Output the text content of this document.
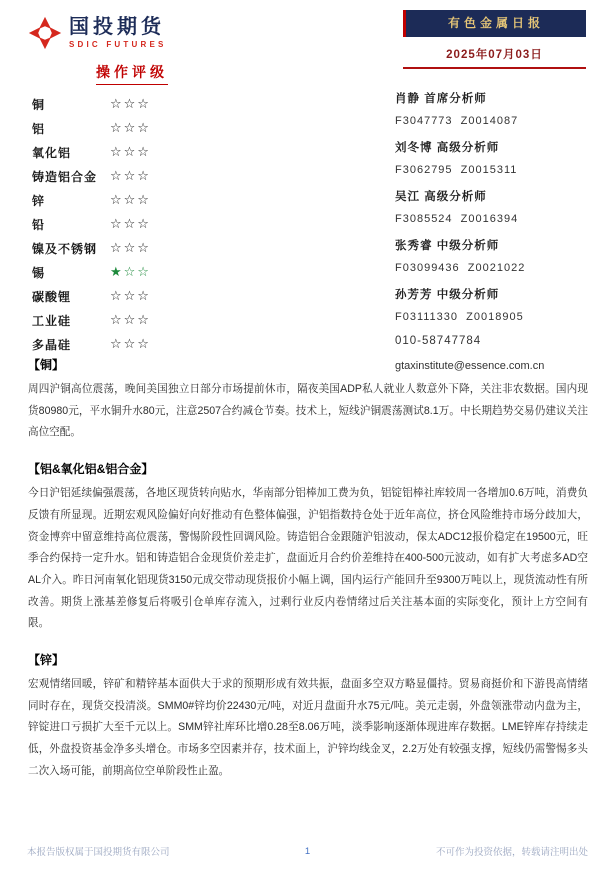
国投期货
SDIC FUTURES
有色金属日报
2025年07月03日
操作评级
铜	☆☆☆
铝	☆☆☆
氧化铝	☆☆☆
铸造铝合金 ☆☆☆
锌	☆☆☆
铅	☆☆☆
镍及不锈钢 ☆☆☆
锡	★☆☆
碳酸锂	☆☆☆
工业硅	☆☆☆
多晶硅	☆☆☆
肖静 首席分析师
F3047773  Z0014087
刘冬博 高级分析师
F3062795  Z0015311
吴江 高级分析师
F3085524  Z0016394
张秀睿 中级分析师
F03099436  Z0021022
孙芳芳 中级分析师
F03111330  Z0018905
010-58747784
gtaxinstitute@essence.com.cn
【铜】

周四沪铜高位震荡，晚间美国独立日部分市场提前休市，隔夜美国ADP私人就业人数意外下降，关注非农数据。国内现货80980元，平水铜升水80元，注意2507合约减仓节奏。技术上，短线沪铜震荡测试8.1万。中长期趋势交易仍建议关注高位空配。

【铝&氧化铝&铝合金】

今日沪铝延续偏强震荡，各地区现货转向贴水，华南部分铝棒加工费为负，铝锭铝棒社库较周一各增加0.6万吨，消费负反馈有所显现。近期宏观风险偏好向好推动有色整体偏强，沪铝指数持仓处于近年高位，挤仓风险维持市场分歧加大，资金博弈中留意维持高位震荡，警惕阶段性回调风险。铸造铝合金跟随沪铝波动，保太ADC12报价稳定在19500元，旺季合约保持一定升水。铝和铸造铝合金现货价差走扩，盘面近月合约价差维持在400-500元波动，如有扩大考虑多AD空AL介入。昨日河南氧化铝现货3150元成交带动现货报价小幅上调，国内运行产能回升至9300万吨以上，现货流动性有所改善。期货上涨基差修复后将吸引仓单库存流入，过剩行业反内卷情绪过后关注基本面的实际变化，预计上方空间有限。

【锌】

宏观情绪回暖，锌矿和精锌基本面供大于求的预期形成有效共振，盘面多空双方略显僵持。贸易商挺价和下游畏高情绪同时存在，现货交投清淡。SMM0#锌均价22430元/吨，对近月盘面升水75元/吨。美元走弱，外盘领涨带动内盘为主，锌锭进口亏损扩大至千元以上。SMM锌社库环比增0.28至8.06万吨，淡季影响逐渐体现进库存数据。LME锌库存持续走低，外盘投资基金净多头增仓。市场多空因素并存，技术面上，沪锌均线金叉，2.2万处有较强支撑，短线仍需警惕多头二次入场可能，前期高位空单阶段性止盈。

本报告版权属于国投期货有限公司	1	不可作为投资依据，转载请注明出处
